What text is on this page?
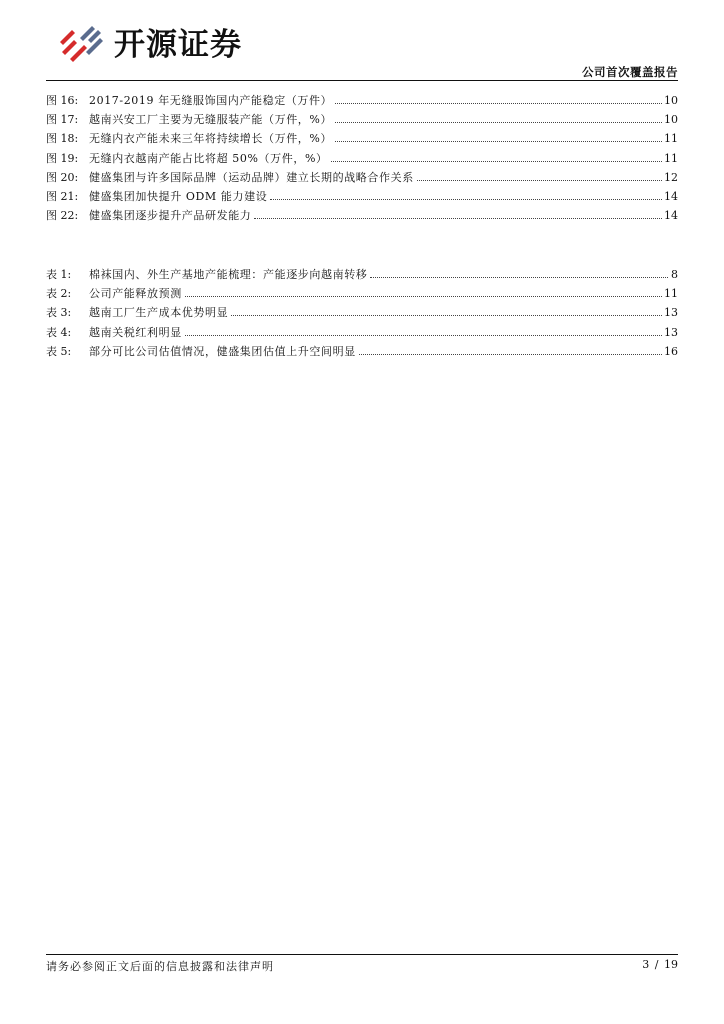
开源证券
公司首次覆盖报告
图 16: 2017-2019 年无缝服饰国内产能稳定（万件）	10
图 17: 越南兴安工厂主要为无缝服装产能（万件，%）	10
图 18: 无缝内衣产能未来三年将持续增长（万件，%）	11
图 19: 无缝内衣越南产能占比将超 50%（万件，%）	11
图 20: 健盛集团与许多国际品牌（运动品牌）建立长期的战略合作关系	12
图 21: 健盛集团加快提升 ODM 能力建设	14
图 22: 健盛集团逐步提升产品研发能力	14
表 1:	棉袜国内、外生产基地产能梳理：产能逐步向越南转移	8
表 2:	公司产能释放预测	11
表 3:	越南工厂生产成本优势明显	13
表 4:	越南关税红利明显	13
表 5:	部分可比公司估值情况，健盛集团估值上升空间明显	16
请务必参阅正文后面的信息披露和法律声明	3 / 19
